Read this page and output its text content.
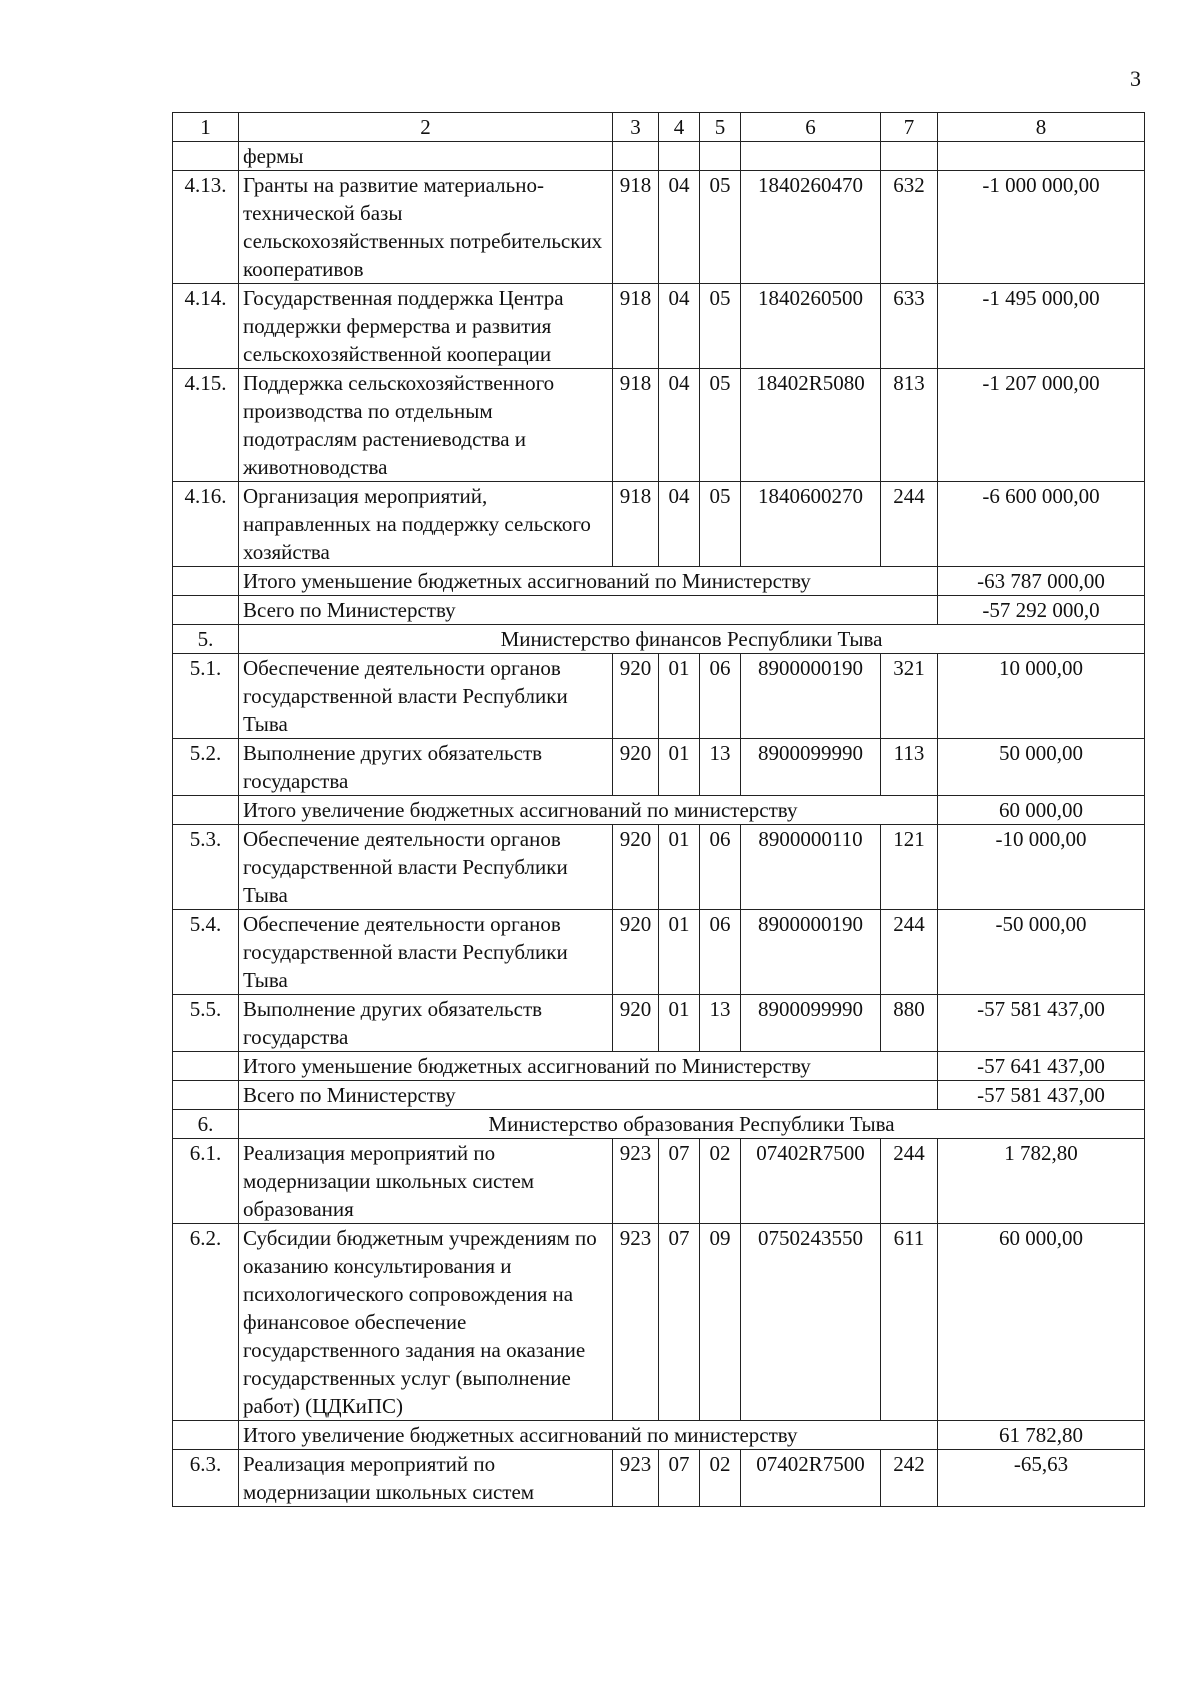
3
1	2	3	4	5	6	7	8
	фермы						
4.13.	Гранты на развитие материально-технической базы сельскохозяйственных потребительских кооперативов	918	04	05	1840260470	632	-1 000 000,00
4.14.	Государственная поддержка Центра поддержки фермерства и развития сельскохозяйственной кооперации	918	04	05	1840260500	633	-1 495 000,00
4.15.	Поддержка сельскохозяйственного производства по отдельным подотраслям растениеводства и животноводства	918	04	05	18402R5080	813	-1 207 000,00
4.16.	Организация мероприятий, направленных на поддержку сельского хозяйства	918	04	05	1840600270	244	-6 600 000,00
	Итого уменьшение бюджетных ассигнований по Министерству						-63 787 000,00
	Всего по Министерству						-57 292 000,0
5.	Министерство финансов Республики Тыва						
5.1.	Обеспечение деятельности органов государственной власти Республики Тыва	920	01	06	8900000190	321	10 000,00
5.2.	Выполнение других обязательств государства	920	01	13	8900099990	113	50 000,00
	Итого увеличение бюджетных ассигнований по министерству						60 000,00
5.3.	Обеспечение деятельности органов государственной власти Республики Тыва	920	01	06	8900000110	121	-10 000,00
5.4.	Обеспечение деятельности органов государственной власти Республики Тыва	920	01	06	8900000190	244	-50 000,00
5.5.	Выполнение других обязательств государства	920	01	13	8900099990	880	-57 581 437,00
	Итого уменьшение бюджетных ассигнований по Министерству						-57 641 437,00
	Всего по Министерству						-57 581 437,00
6.	Министерство образования Республики Тыва						
6.1.	Реализация мероприятий по модернизации школьных систем образования	923	07	02	07402R7500	244	1 782,80
6.2.	Субсидии бюджетным учреждениям по оказанию консультирования и психологического сопровождения на финансовое обеспечение государственного задания на оказание государственных услуг (выполнение работ) (ЦДКиПС)	923	07	09	0750243550	611	60 000,00
	Итого увеличение бюджетных ассигнований по министерству						61 782,80
6.3.	Реализация мероприятий по модернизации школьных систем	923	07	02	07402R7500	242	-65,63
